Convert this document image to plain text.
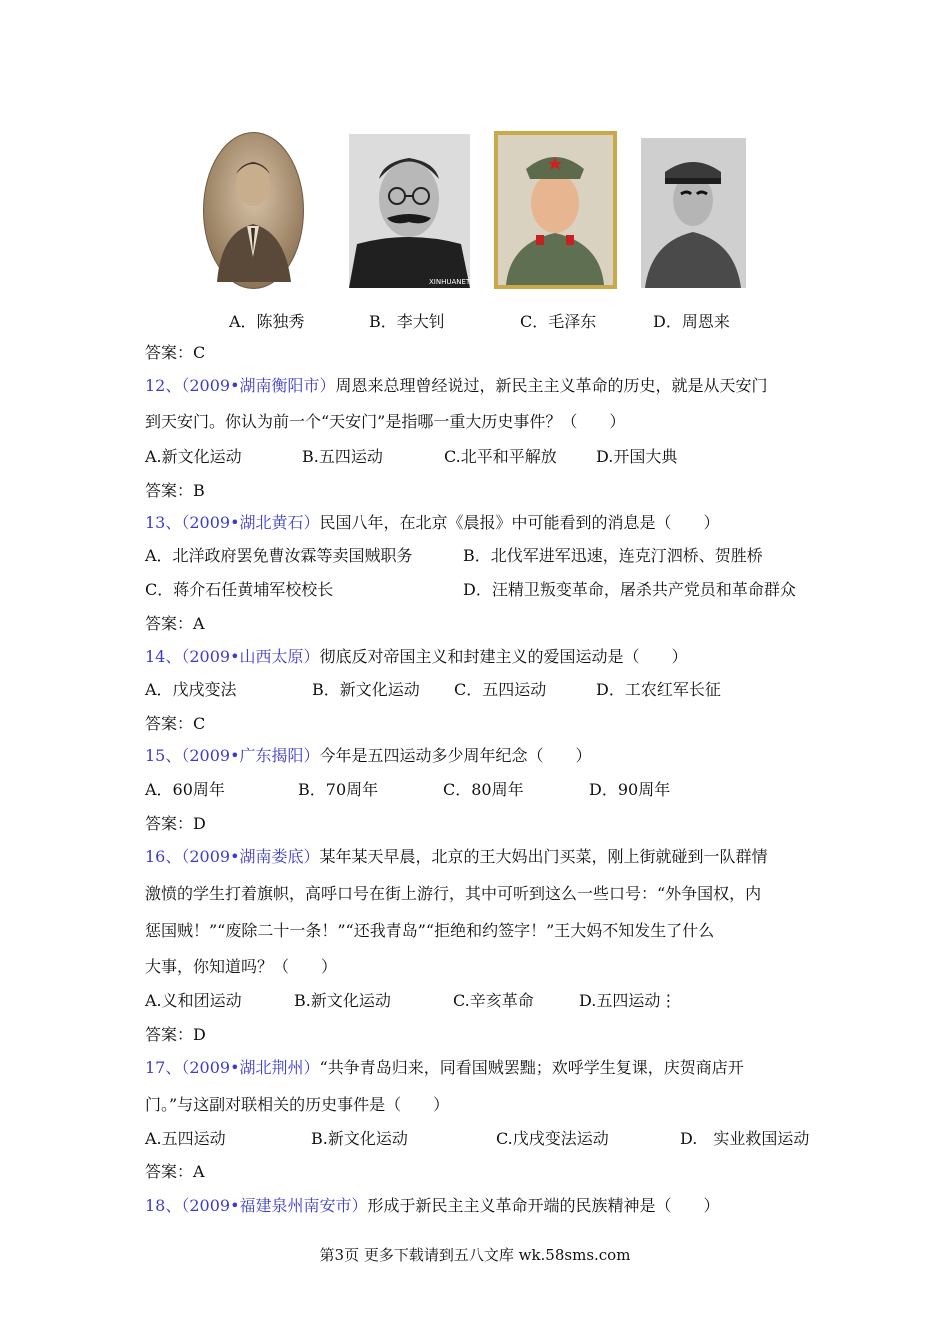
XINHUANET
A．陈独秀	B．李大钊	C．毛泽东	D．周恩来
答案：C
12、（2009•湖南衡阳市）周恩来总理曾经说过，新民主主义革命的历史，就是从天安门
到天安门。你认为前一个“天安门”是指哪一重大历史事件？（　　）
A.新文化运动	B.五四运动	C.北平和平解放 D.开国大典
答案：B
13、（2009•湖北黄石）民国八年，在北京《晨报》中可能看到的消息是（　　）
A．北洋政府罢免曹汝霖等卖国贼职务	B．北伐军进军迅速，连克汀泗桥、贺胜桥
C．蒋介石任黄埔军校校长	D．汪精卫叛变革命，屠杀共产党员和革命群众
答案：A
14、（2009•山西太原）彻底反对帝国主义和封建主义的爱国运动是（　　）
A．戊戌变法	B．新文化运动 C．五四运动	D．工农红军长征
答案：C
15、（2009•广东揭阳）今年是五四运动多少周年纪念（　　）
A．60周年	B．70周年	C．80周年	D．90周年
答案：D
16、（2009•湖南娄底）某年某天早晨，北京的王大妈出门买菜，刚上街就碰到一队群情
激愤的学生打着旗帜，高呼口号在街上游行，其中可听到这么一些口号：“外争国权，内
惩国贼！”“废除二十一条！”“还我青岛”“拒绝和约签字！”王大妈不知发生了什么
大事，你知道吗？（　　）
A.义和团运动	B.新文化运动	C.辛亥革命	D.五四运动⋮
答案：D
17、（2009•湖北荆州）“共争青岛归来，同看国贼罢黜；欢呼学生复课，庆贺商店开
门。”与这副对联相关的历史事件是（　　）
A.五四运动	B.新文化运动	C.戊戌变法运动	D.　实业救国运动
答案：A
18、（2009•福建泉州南安市）形成于新民主主义革命开端的民族精神是（　　）
第3页 更多下载请到五八文库 wk.58sms.com
